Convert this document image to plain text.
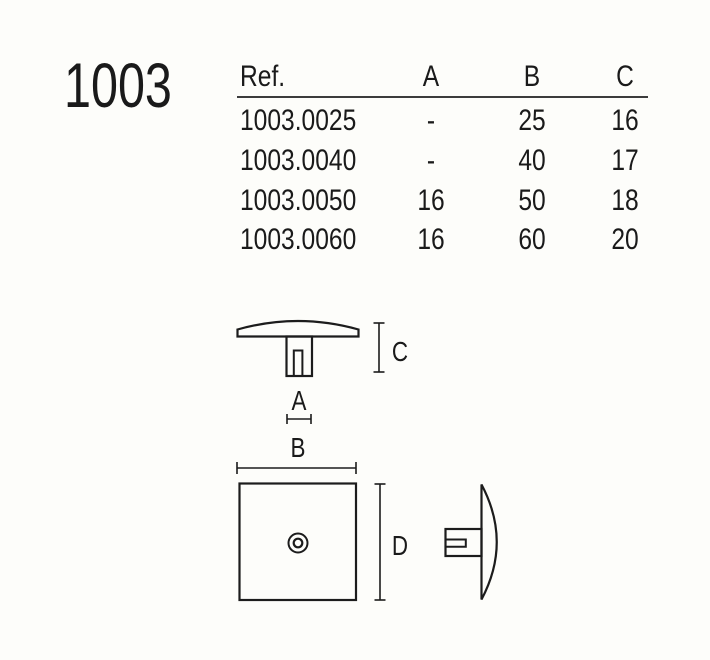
1003 Ref.	A	B	C
1003.0025	-	25	16
1003.0040	-	40	17
1003.0050	16	50	18
1003.0060	16	60	20
C
A
B
D
